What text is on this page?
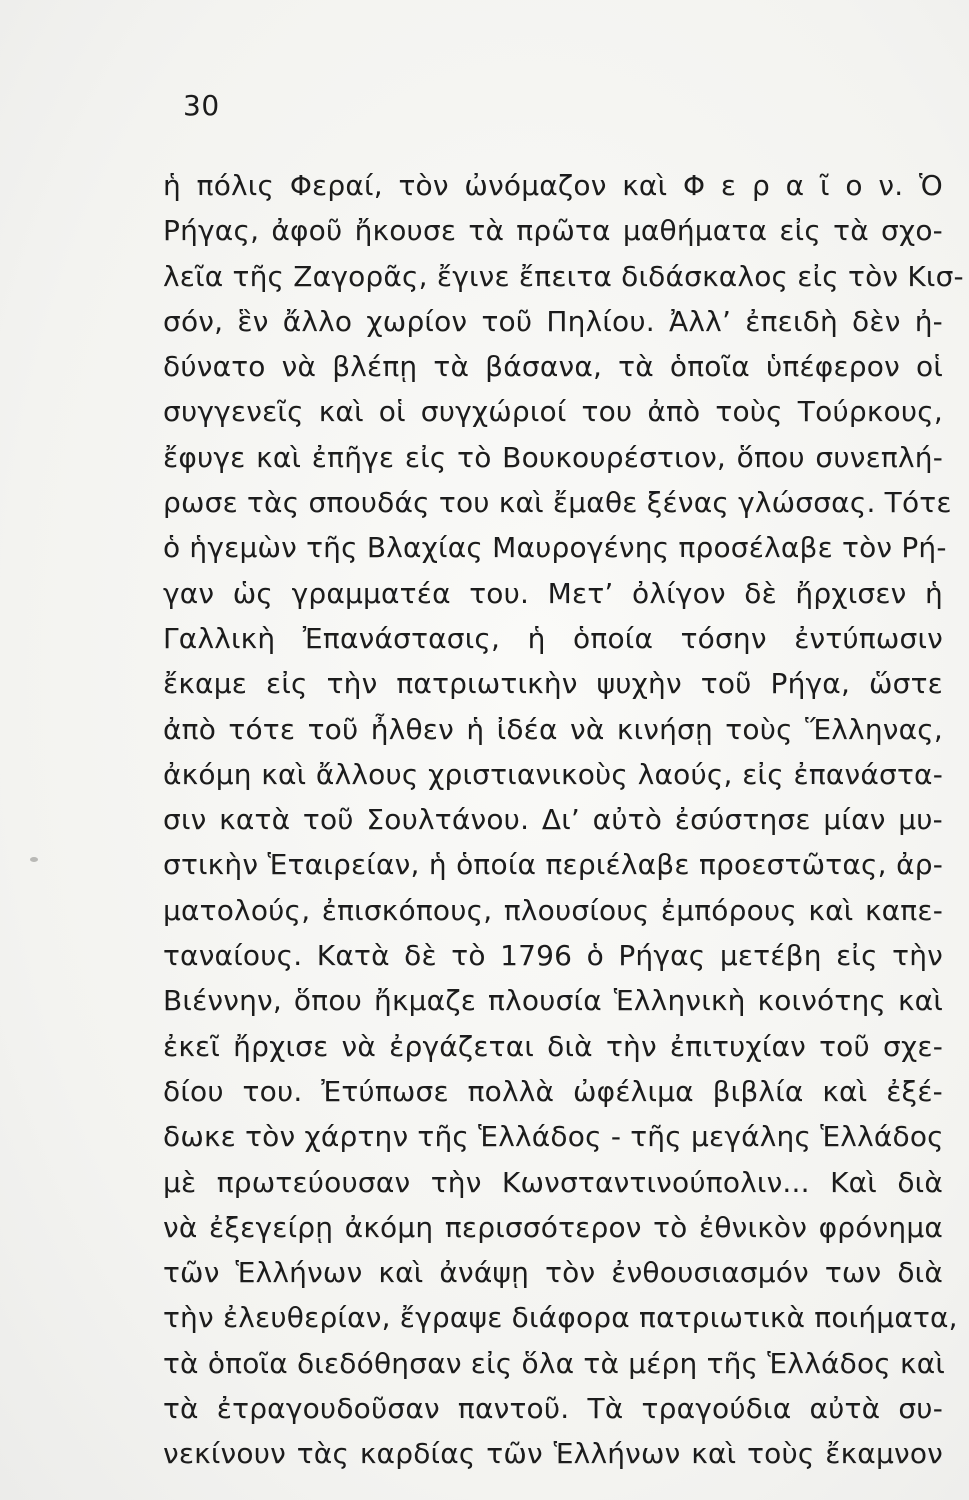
30
ἡ πόλις Φεραί, τὸν ὠνόμαζον καὶ Φ ε ρ α ῖ ο ν. Ὁ
Ρήγας, ἀφοῦ ἤκουσε τὰ πρῶτα μαθήματα εἰς τὰ σχο-
λεῖα τῆς Ζαγορᾶς, ἔγινε ἔπειτα διδάσκαλος εἰς τὸν Κισ-
σόν, ἓν ἄλλο χωρίον τοῦ Πηλίου. Ἀλλ’ ἐπειδὴ δὲν ἠ-
δύνατο νὰ βλέπῃ τὰ βάσανα, τὰ ὁποῖα ὑπέφερον οἱ
συγγενεῖς καὶ οἱ συγχώριοί του ἀπὸ τοὺς Τούρκους,
ἔφυγε καὶ ἐπῆγε εἰς τὸ Βουκουρέστιον, ὅπου συνεπλή-
ρωσε τὰς σπουδάς του καὶ ἔμαθε ξένας γλώσσας. Τότε
ὁ ἡγεμὼν τῆς Βλαχίας Μαυρογένης προσέλαβε τὸν Ρή-
γαν ὡς γραμματέα του. Μετ’ ὀλίγον δὲ ἤρχισεν ἡ
Γαλλικὴ Ἐπανάστασις, ἡ ὁποία τόσην ἐντύπωσιν
ἔκαμε εἰς τὴν πατριωτικὴν ψυχὴν τοῦ Ρήγα, ὥστε
ἀπὸ τότε τοῦ ἦλθεν ἡ ἰδέα νὰ κινήσῃ τοὺς Ἕλληνας,
ἀκόμη καὶ ἄλλους χριστιανικοὺς λαούς, εἰς ἐπανάστα-
σιν κατὰ τοῦ Σουλτάνου. Δι’ αὐτὸ ἐσύστησε μίαν μυ-
στικὴν Ἑταιρείαν, ἡ ὁποία περιέλαβε προεστῶτας, ἀρ-
ματολούς, ἐπισκόπους, πλουσίους ἐμπόρους καὶ καπε-
ταναίους. Κατὰ δὲ τὸ 1796 ὁ Ρήγας μετέβη εἰς τὴν
Βιέννην, ὅπου ἤκμαζε πλουσία Ἑλληνικὴ κοινότης καὶ
ἐκεῖ ἤρχισε νὰ ἐργάζεται διὰ τὴν ἐπιτυχίαν τοῦ σχε-
δίου του. Ἐτύπωσε πολλὰ ὠφέλιμα βιβλία καὶ ἐξέ-
δωκε τὸν χάρτην τῆς Ἑλλάδος - τῆς μεγάλης Ἑλλάδος
μὲ πρωτεύουσαν τὴν Κωνσταντινούπολιν... Καὶ διὰ
νὰ ἐξεγείρῃ ἀκόμη περισσότερον τὸ ἐθνικὸν φρόνημα
τῶν Ἑλλήνων καὶ ἀνάψῃ τὸν ἐνθουσιασμόν των διὰ
τὴν ἐλευθερίαν, ἔγραψε διάφορα πατριωτικὰ ποιήματα,
τὰ ὁποῖα διεδόθησαν εἰς ὅλα τὰ μέρη τῆς Ἑλλάδος καὶ
τὰ ἐτραγουδοῦσαν παντοῦ. Τὰ τραγούδια αὐτὰ συ-
νεκίνουν τὰς καρδίας τῶν Ἑλλήνων καὶ τοὺς ἔκαμνον
